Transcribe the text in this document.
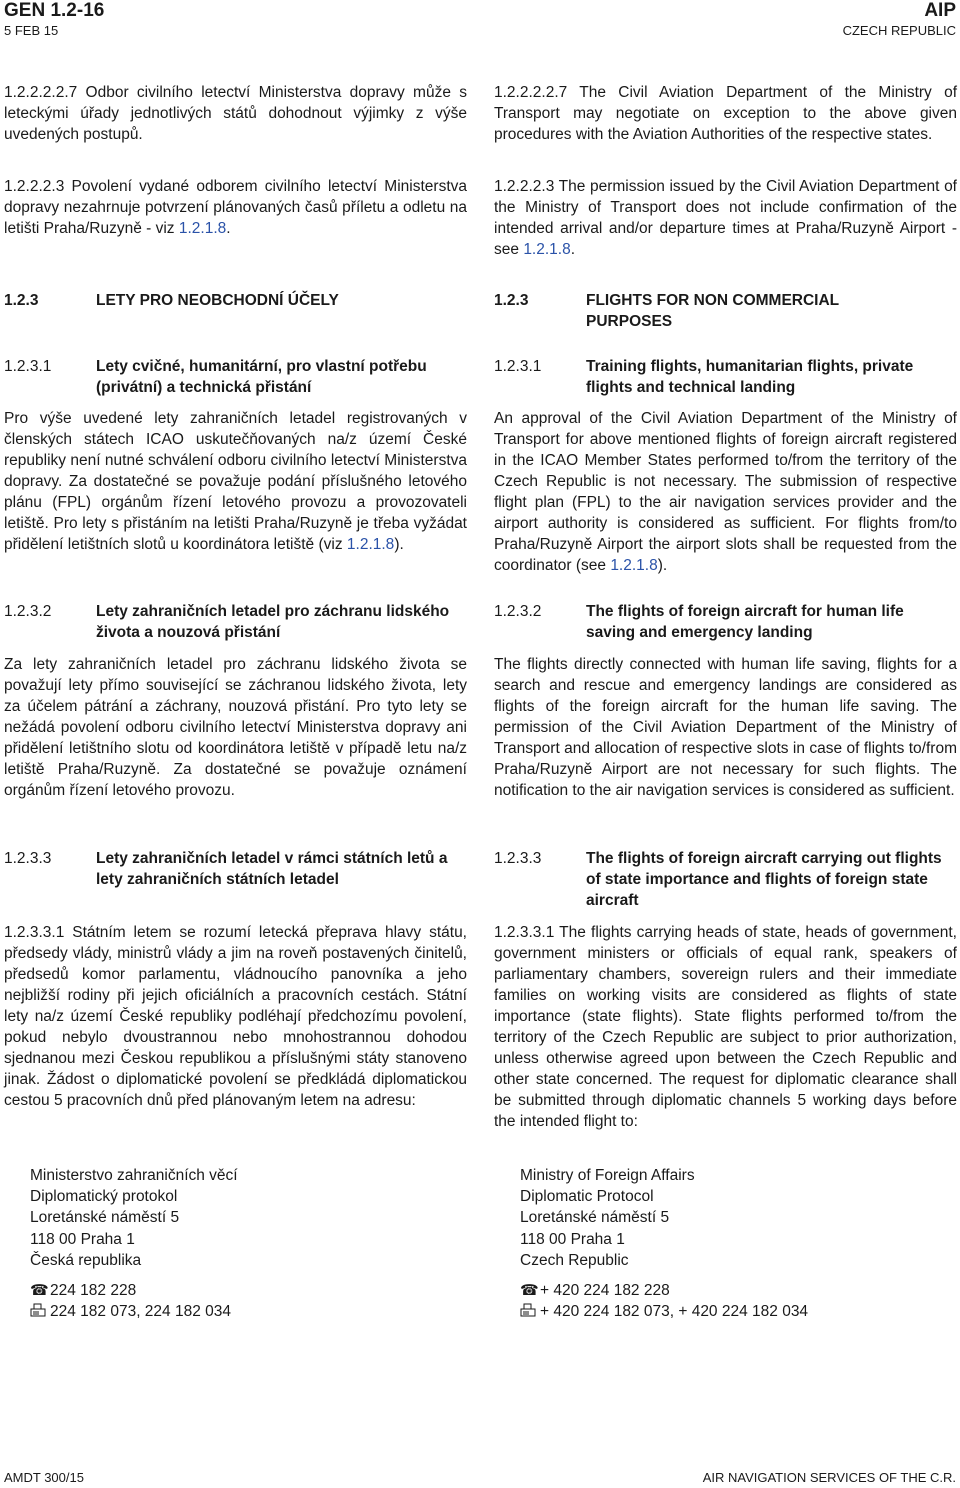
GEN 1.2-16
5 FEB 15
AIP
CZECH REPUBLIC
1.2.2.2.2.7 Odbor civilního letectví Ministerstva dopravy může s leteckými úřady jednotlivých států dohodnout výjimky z výše uvedených postupů.
1.2.2.2.3 Povolení vydané odborem civilního letectví Ministerstva dopravy nezahrnuje potvrzení plánovaných časů příletu a odletu na letišti Praha/Ruzyně - viz 1.2.1.8.
1.2.3	LETY PRO NEOBCHODNÍ ÚČELY
1.2.3.1	Lety cvičné, humanitární, pro vlastní potřebu (privátní) a technická přistání
Pro výše uvedené lety zahraničních letadel registrovaných v členských státech ICAO uskutečňovaných na/z území České republiky není nutné schválení odboru civilního letectví Ministerstva dopravy. Za dostatečné se považuje podání příslušného letového plánu (FPL) orgánům řízení letového provozu a provozovateli letiště. Pro lety s přistáním na letišti Praha/Ruzyně je třeba vyžádat přidělení letištních slotů u koordinátora letiště (viz 1.2.1.8).
1.2.3.2	Lety zahraničních letadel pro záchranu lidského života a nouzová přistání
Za lety zahraničních letadel pro záchranu lidského života se považují lety přímo související se záchranou lidského života, lety za účelem pátrání a záchrany, nouzová přistání. Pro tyto lety se nežádá povolení odboru civilního letectví Ministerstva dopravy ani přidělení letištního slotu od koordinátora letiště v případě letu na/z letiště Praha/Ruzyně. Za dostatečné se považuje oznámení orgánům řízení letového provozu.
1.2.3.3	Lety zahraničních letadel v rámci státních letů a lety zahraničních státních letadel
1.2.3.3.1 Státním letem se rozumí letecká přeprava hlavy státu, předsedy vlády, ministrů vlády a jim na roveň postavených činitelů, předsedů komor parlamentu, vládnoucího panovníka a jeho nejbližší rodiny při jejich oficiálních a pracovních cestách. Státní lety na/z území České republiky podléhají předchozímu povolení, pokud nebylo dvoustrannou nebo mnohostrannou dohodou sjednanou mezi Českou republikou a příslušnými státy stanoveno jinak. Žádost o diplomatické povolení se předkládá diplomatickou cestou 5 pracovních dnů před plánovaným letem na adresu:
Ministerstvo zahraničních věcí
Diplomatický protokol
Loretánské náměstí 5
118 00 Praha 1
Česká republika
☎224 182 228
224 182 073, 224 182 034
1.2.2.2.2.7 The Civil Aviation Department of the Ministry of Transport may negotiate on exception to the above given procedures with the Aviation Authorities of the respective states.
1.2.2.2.3 The permission issued by the Civil Aviation Department of the Ministry of Transport does not include confirmation of the intended arrival and/or departure times at Praha/Ruzyně Airport - see 1.2.1.8.
1.2.3	FLIGHTS FOR NON COMMERCIAL PURPOSES
1.2.3.1	Training flights, humanitarian flights, private flights and technical landing
An approval of the Civil Aviation Department of the Ministry of Transport for above mentioned flights of foreign aircraft registered in the ICAO Member States performed to/from the territory of the Czech Republic is not necessary. The submission of respective flight plan (FPL) to the air navigation services provider and the airport authority is considered as sufficient. For flights from/to Praha/Ruzyně Airport the airport slots shall be requested from the coordinator (see 1.2.1.8).
1.2.3.2	The flights of foreign aircraft for human life saving and emergency landing
The flights directly connected with human life saving, flights for a search and rescue and emergency landings are considered as flights of the foreign aircraft for the human life saving. The permission of the Civil Aviation Department of the Ministry of Transport and allocation of respective slots in case of flights to/from Praha/Ruzyně Airport are not necessary for such flights. The notification to the air navigation services is considered as sufficient.
1.2.3.3	The flights of foreign aircraft carrying out flights of state importance and flights of foreign state aircraft
1.2.3.3.1 The flights carrying heads of state, heads of government, government ministers or officials of equal rank, speakers of parliamentary chambers, sovereign rulers and their immediate families on working visits are considered as flights of state importance (state flights). State flights performed to/from the territory of the Czech Republic are subject to prior authorization, unless otherwise agreed upon between the Czech Republic and other state concerned. The request for diplomatic clearance shall be submitted through diplomatic channels 5 working days before the intended flight to:
Ministry of Foreign Affairs
Diplomatic Protocol
Loretánské náměstí 5
118 00 Praha 1
Czech Republic
☎+ 420 224 182 228
+ 420 224 182 073, + 420 224 182 034
AMDT 300/15	AIR NAVIGATION SERVICES OF THE C.R.
